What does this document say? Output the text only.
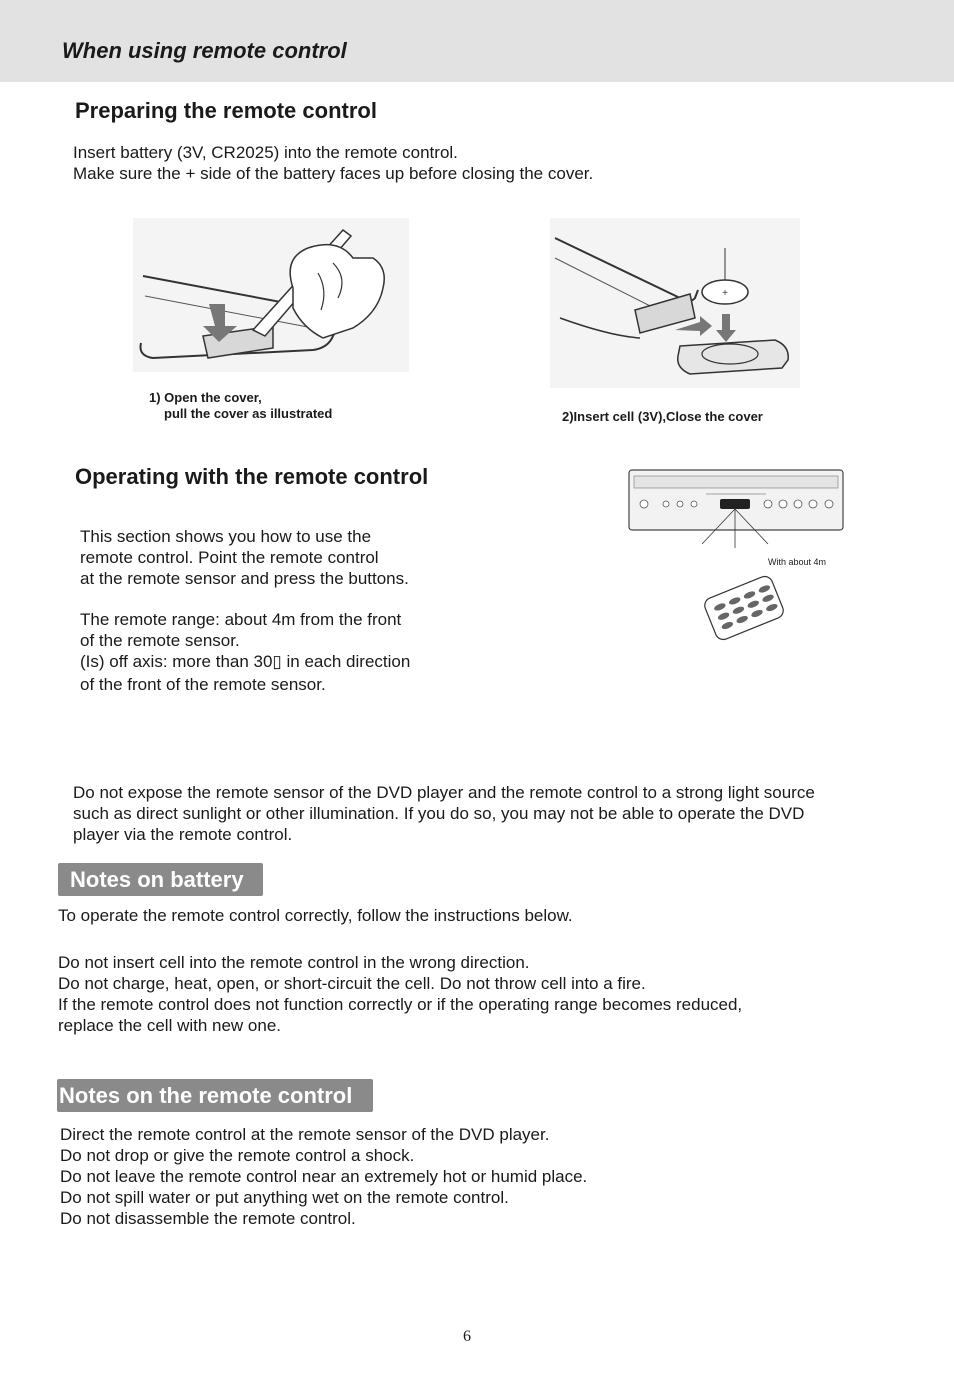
When using remote control
Preparing the remote control
Insert battery (3V, CR2025) into the remote control.
Make sure the + side of the battery faces up before closing the cover.
1) Open the cover,
pull the cover as illustrated
+
2)Insert cell (3V),Close the cover
Operating with the remote control
This section shows you how to use the
remote control. Point the remote control
at the remote sensor and press the buttons.
The remote range: about 4m from the front
of the remote sensor.
(Is) off axis: more than 30▯ in each direction
of the front of the remote sensor.
With about 4m
Do not expose the remote sensor of the DVD player and the remote control to a strong light source
such as direct sunlight or other illumination. If you do so, you may not be able to operate the DVD
player via the remote control.
Notes on battery
To operate the remote control correctly, follow the instructions below.
Do not insert cell into the remote control in the wrong direction.
Do not charge, heat, open, or short-circuit the cell. Do not throw cell into a fire.
If the remote control does not function correctly or if the operating range becomes reduced,
replace the cell with new one.
Notes on the remote control
Direct the remote control at the remote sensor of the DVD player.
Do not drop or give the remote control a shock.
Do not leave the remote control near an extremely hot or humid place.
Do not spill water or put anything wet on the remote control.
Do not disassemble the remote control.
6
